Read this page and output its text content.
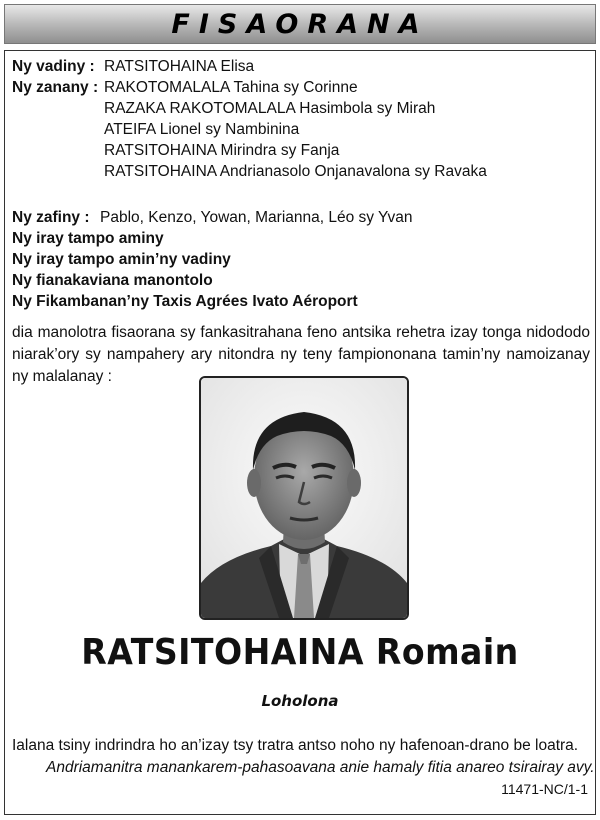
FISAORANA
Ny vadiny : RATSITOHAINA Elisa
Ny zanany : RAKOTOMALALA Tahina sy Corinne
RAZAKA RAKOTOMALALA Hasimbola sy Mirah
ATEIFA Lionel sy Nambinina
RATSITOHAINA Mirindra sy Fanja
RATSITOHAINA Andrianasolo Onjanavalona sy Ravaka
Ny zafiny : Pablo, Kenzo, Yowan, Marianna, Léo sy Yvan
Ny iray tampo aminy
Ny iray tampo amin’ny vadiny
Ny fianakaviana manontolo
Ny Fikambanan’ny Taxis Agrées Ivato Aéroport
dia manolotra fisaorana sy fankasitrahana feno antsika rehetra izay tonga nidododo niarak’ory sy nampahery ary nitondra ny teny fampiononana tamin’ny namoizanay ny malalanay :
RATSITOHAINA Romain
Loholona
Ialana tsiny indrindra ho an’izay tsy tratra antso noho ny hafenoan-drano be loatra.
Andriamanitra manankarem-pahasoavana anie hamaly fitia anareo tsirairay avy.
11471-NC/1-1
